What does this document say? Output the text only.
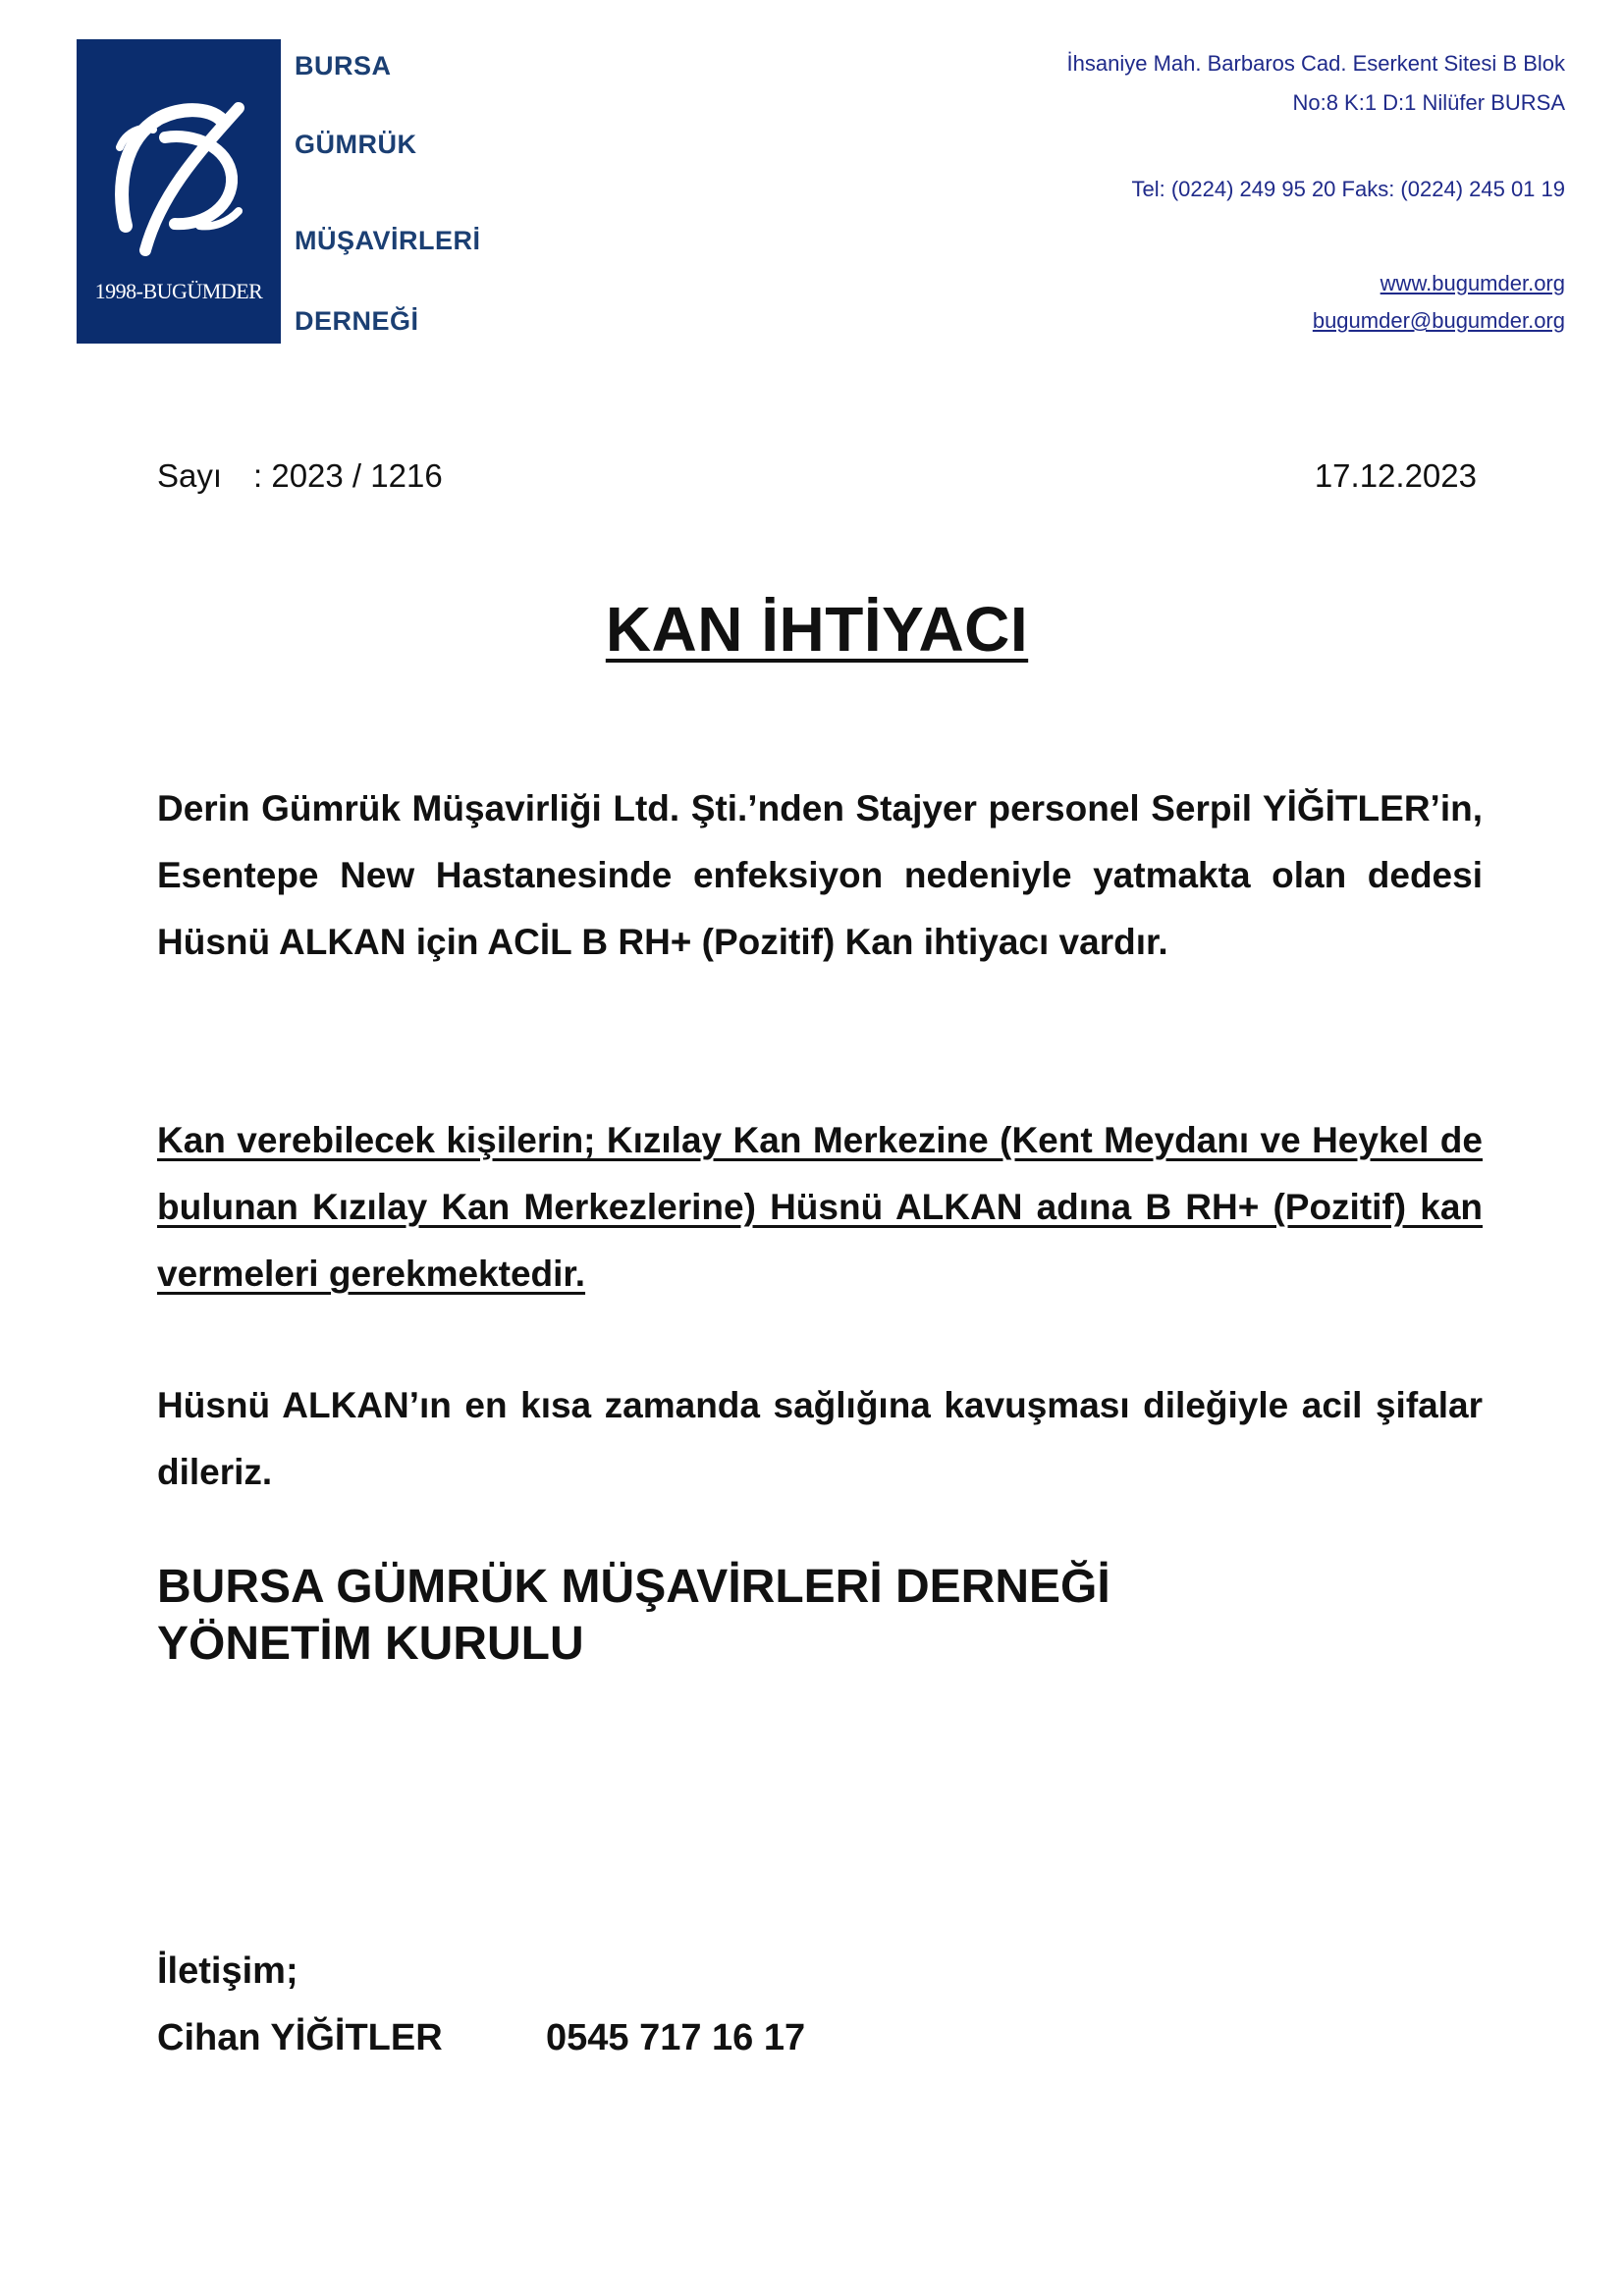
1998-BUGÜMDER
BURSA
GÜMRÜK
MÜŞAVİRLERİ
DERNEĞİ
İhsaniye Mah. Barbaros Cad. Eserkent Sitesi B Blok
No:8 K:1 D:1 Nilüfer BURSA
Tel: (0224) 249 95 20 Faks: (0224) 245 01 19
www.bugumder.org
bugumder@bugumder.org
Sayı : 2023 / 1216	17.12.2023
KAN İHTİYACI
Derin Gümrük Müşavirliği Ltd. Şti.’nden Stajyer personel Serpil YİĞİTLER’in, Esentepe New Hastanesinde enfeksiyon nedeniyle yatmakta olan dedesi Hüsnü ALKAN için ACİL B RH+ (Pozitif) Kan ihtiyacı vardır.
Kan verebilecek kişilerin; Kızılay Kan Merkezine (Kent Meydanı ve Heykel de bulunan Kızılay Kan Merkezlerine) Hüsnü ALKAN adına B RH+ (Pozitif) kan vermeleri gerekmektedir.
Hüsnü ALKAN’ın en kısa zamanda sağlığına kavuşması dileğiyle acil şifalar dileriz.
BURSA GÜMRÜK MÜŞAVİRLERİ DERNEĞİ
YÖNETİM KURULU
İletişim;
Cihan YİĞİTLER	0545 717 16 17
